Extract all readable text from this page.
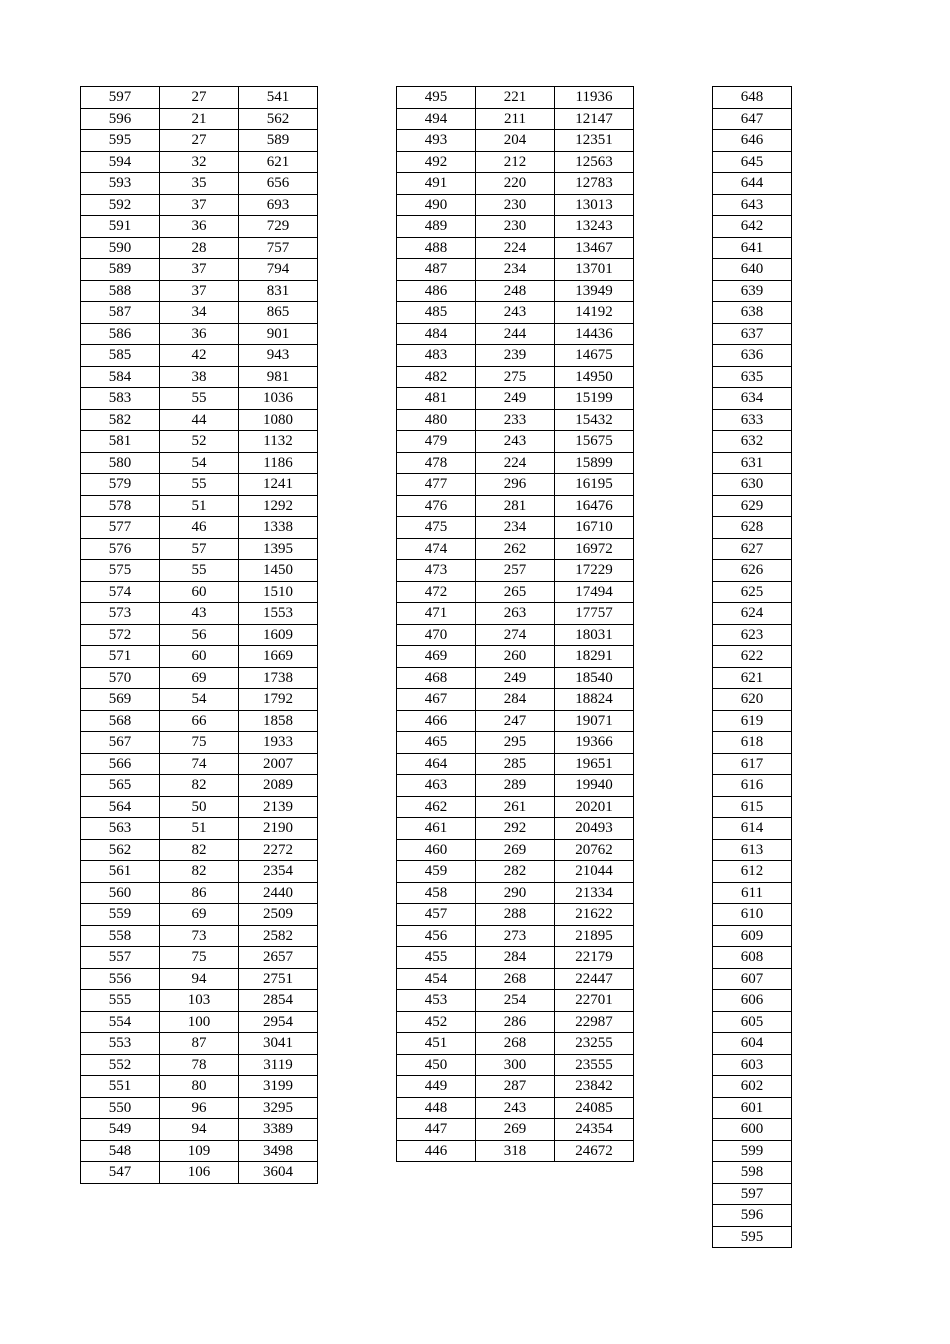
597	27	541
596	21	562
595	27	589
594	32	621
593	35	656
592	37	693
591	36	729
590	28	757
589	37	794
588	37	831
587	34	865
586	36	901
585	42	943
584	38	981
583	55	1036
582	44	1080
581	52	1132
580	54	1186
579	55	1241
578	51	1292
577	46	1338
576	57	1395
575	55	1450
574	60	1510
573	43	1553
572	56	1609
571	60	1669
570	69	1738
569	54	1792
568	66	1858
567	75	1933
566	74	2007
565	82	2089
564	50	2139
563	51	2190
562	82	2272
561	82	2354
560	86	2440
559	69	2509
558	73	2582
557	75	2657
556	94	2751
555	103	2854
554	100	2954
553	87	3041
552	78	3119
551	80	3199
550	96	3295
549	94	3389
548	109	3498
547	106	3604
495	221	11936
494	211	12147
493	204	12351
492	212	12563
491	220	12783
490	230	13013
489	230	13243
488	224	13467
487	234	13701
486	248	13949
485	243	14192
484	244	14436
483	239	14675
482	275	14950
481	249	15199
480	233	15432
479	243	15675
478	224	15899
477	296	16195
476	281	16476
475	234	16710
474	262	16972
473	257	17229
472	265	17494
471	263	17757
470	274	18031
469	260	18291
468	249	18540
467	284	18824
466	247	19071
465	295	19366
464	285	19651
463	289	19940
462	261	20201
461	292	20493
460	269	20762
459	282	21044
458	290	21334
457	288	21622
456	273	21895
455	284	22179
454	268	22447
453	254	22701
452	286	22987
451	268	23255
450	300	23555
449	287	23842
448	243	24085
447	269	24354
446	318	24672
648
647
646
645
644
643
642
641
640
639
638
637
636
635
634
633
632
631
630
629
628
627
626
625
624
623
622
621
620
619
618
617
616
615
614
613
612
611
610
609
608
607
606
605
604
603
602
601
600
599
598
597
596
595
